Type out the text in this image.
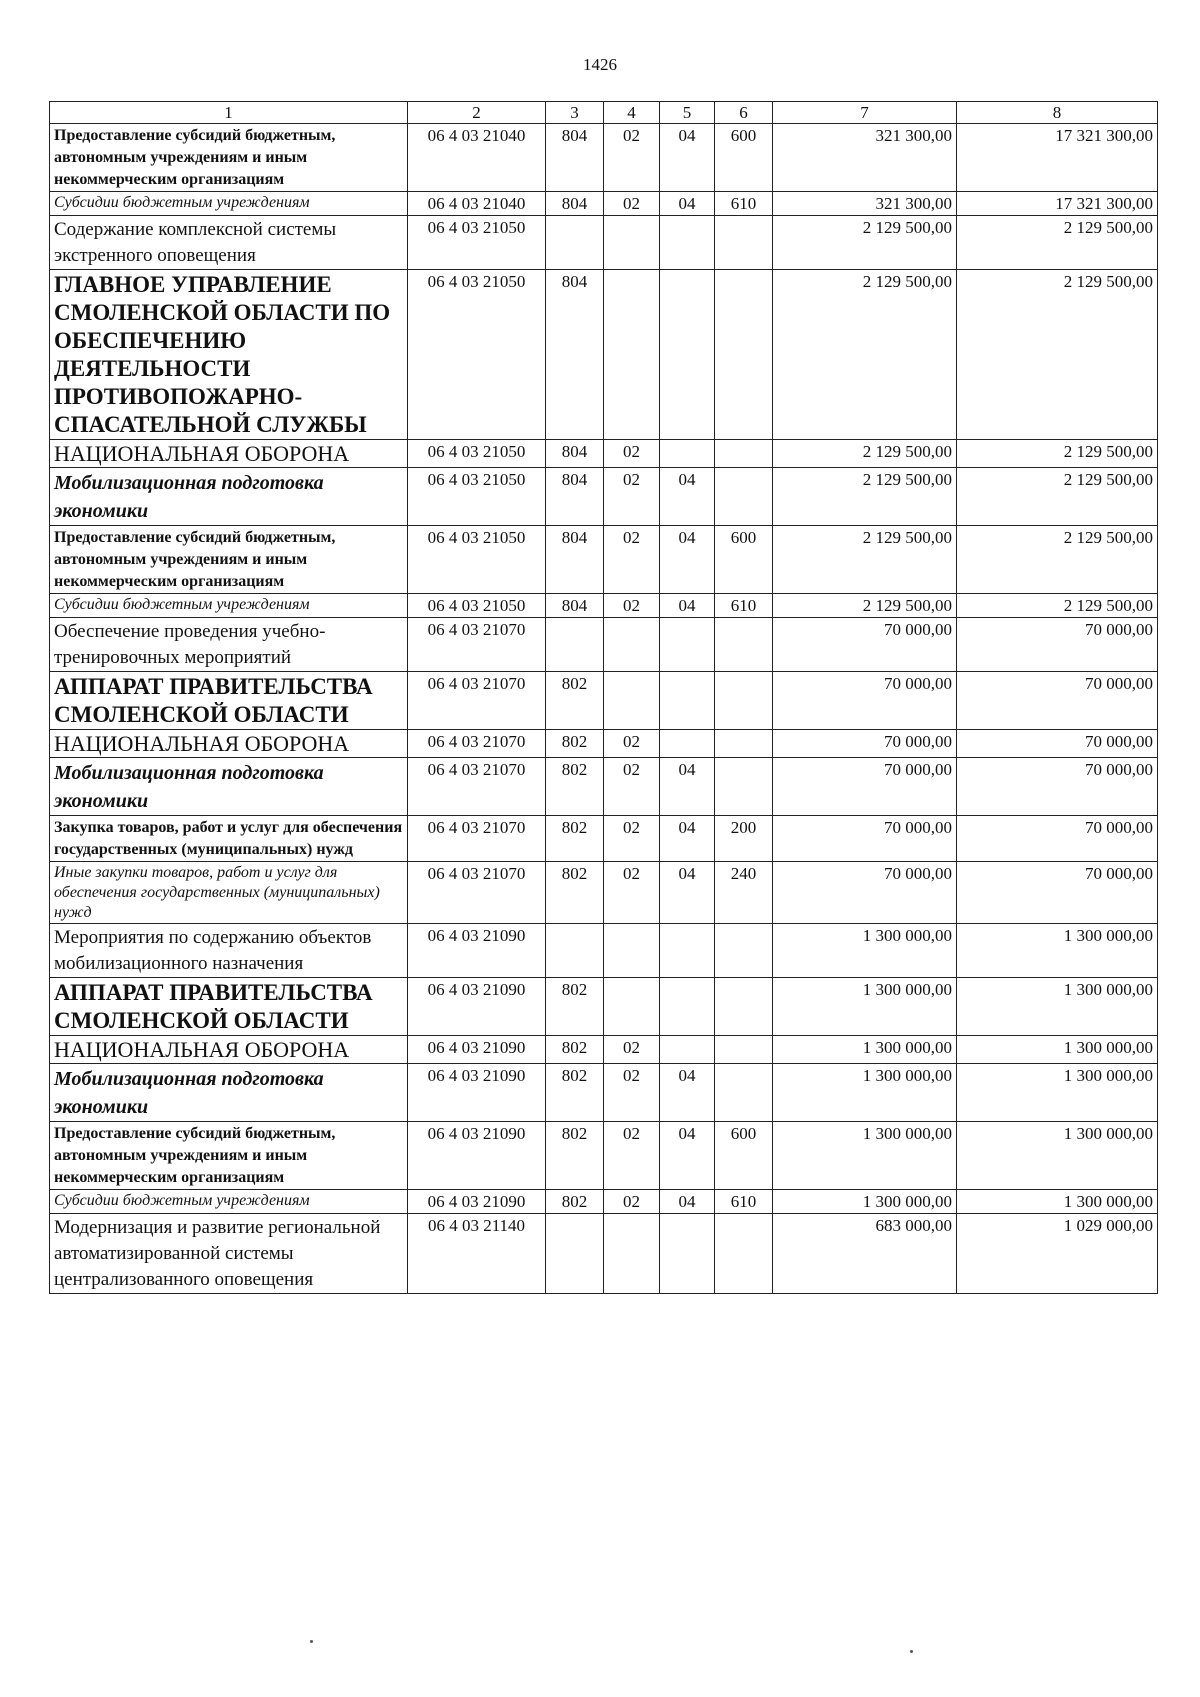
1426
1	2	3	4	5	6	7	8
Предоставление субсидий бюджетным, автономным учреждениям и иным некоммерческим организациям	06 4 03 21040	804	02	04	600	321 300,00	17 321 300,00
Субсидии бюджетным учреждениям	06 4 03 21040	804	02	04	610	321 300,00	17 321 300,00
Содержание комплексной системы экстренного оповещения	06 4 03 21050					2 129 500,00	2 129 500,00
ГЛАВНОЕ УПРАВЛЕНИЕ СМОЛЕНСКОЙ ОБЛАСТИ ПО ОБЕСПЕЧЕНИЮ ДЕЯТЕЛЬНОСТИ ПРОТИВОПОЖАРНО-СПАСАТЕЛЬНОЙ СЛУЖБЫ	06 4 03 21050	804				2 129 500,00	2 129 500,00
НАЦИОНАЛЬНАЯ ОБОРОНА	06 4 03 21050	804	02			2 129 500,00	2 129 500,00
Мобилизационная подготовка экономики	06 4 03 21050	804	02	04		2 129 500,00	2 129 500,00
Предоставление субсидий бюджетным, автономным учреждениям и иным некоммерческим организациям	06 4 03 21050	804	02	04	600	2 129 500,00	2 129 500,00
Субсидии бюджетным учреждениям	06 4 03 21050	804	02	04	610	2 129 500,00	2 129 500,00
Обеспечение проведения учебно-тренировочных мероприятий	06 4 03 21070					70 000,00	70 000,00
АППАРАТ ПРАВИТЕЛЬСТВА СМОЛЕНСКОЙ ОБЛАСТИ	06 4 03 21070	802				70 000,00	70 000,00
НАЦИОНАЛЬНАЯ ОБОРОНА	06 4 03 21070	802	02			70 000,00	70 000,00
Мобилизационная подготовка экономики	06 4 03 21070	802	02	04		70 000,00	70 000,00
Закупка товаров, работ и услуг для обеспечения государственных (муниципальных) нужд	06 4 03 21070	802	02	04	200	70 000,00	70 000,00
Иные закупки товаров, работ и услуг для обеспечения государственных (муниципальных) нужд	06 4 03 21070	802	02	04	240	70 000,00	70 000,00
Мероприятия по содержанию объектов мобилизационного назначения	06 4 03 21090					1 300 000,00	1 300 000,00
АППАРАТ ПРАВИТЕЛЬСТВА СМОЛЕНСКОЙ ОБЛАСТИ	06 4 03 21090	802				1 300 000,00	1 300 000,00
НАЦИОНАЛЬНАЯ ОБОРОНА	06 4 03 21090	802	02			1 300 000,00	1 300 000,00
Мобилизационная подготовка экономики	06 4 03 21090	802	02	04		1 300 000,00	1 300 000,00
Предоставление субсидий бюджетным, автономным учреждениям и иным некоммерческим организациям	06 4 03 21090	802	02	04	600	1 300 000,00	1 300 000,00
Субсидии бюджетным учреждениям	06 4 03 21090	802	02	04	610	1 300 000,00	1 300 000,00
Модернизация и развитие региональной автоматизированной системы централизованного оповещения	06 4 03 21140					683 000,00	1 029 000,00
